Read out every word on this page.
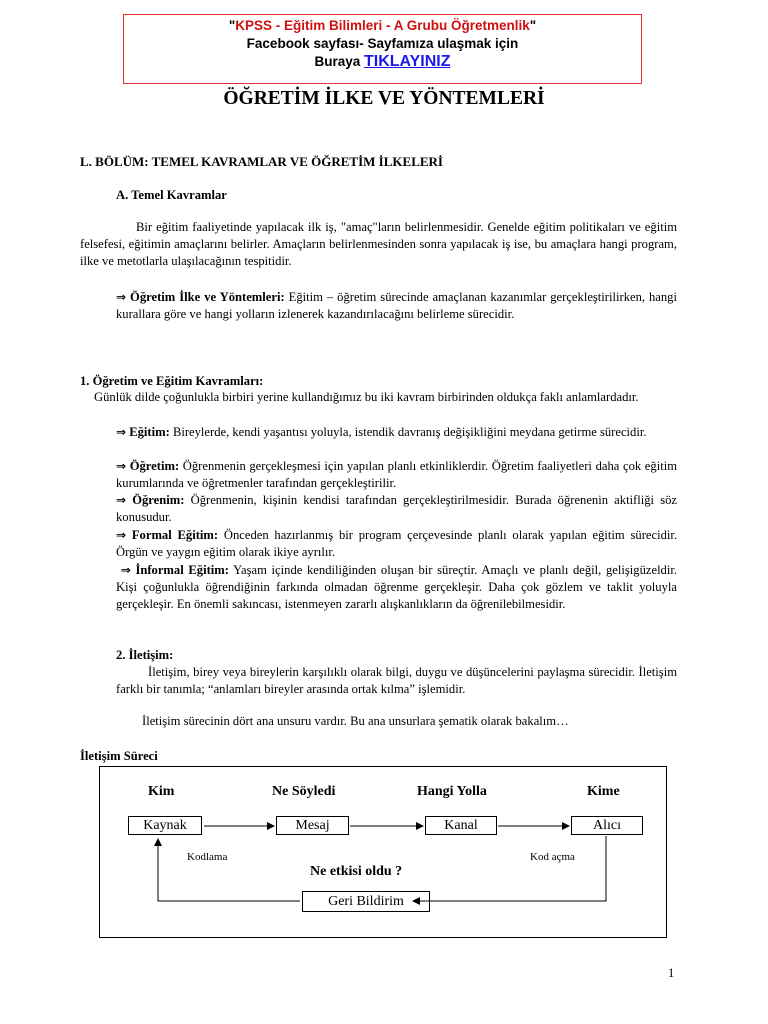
"KPSS - Eğitim Bilimleri - A Grubu Öğretmenlik"
Facebook sayfası- Sayfamıza ulaşmak için
Buraya TIKLAYINIZ
ÖĞRETİM İLKE VE YÖNTEMLERİ
L. BÖLÜM: TEMEL KAVRAMLAR VE ÖĞRETİM İLKELERİ
A. Temel Kavramlar
Bir eğitim faaliyetinde yapılacak ilk iş, "amaç"ların belirlenmesidir. Genelde eğitim politikaları ve eğitim felsefesi, eğitimin amaçlarını belirler. Amaçların belirlenmesinden sonra yapılacak iş ise, bu amaçlara hangi program, ilke ve metotlarla ulaşılacağının tespitidir.
⇒ Öğretim İlke ve Yöntemleri: Eğitim – öğretim sürecinde amaçlanan kazanımlar gerçekleştirilirken, hangi kurallara göre ve hangi yolların izlenerek kazandırılacağını belirleme sürecidir.
1. Öğretim ve Eğitim Kavramları:
Günlük dilde çoğunlukla birbiri yerine kullandığımız bu iki kavram birbirinden oldukça faklı anlamlardadır.
⇒ Eğitim: Bireylerde, kendi yaşantısı yoluyla, istendik davranış değişikliğini meydana getirme sürecidir.
⇒ Öğretim: Öğrenmenin gerçekleşmesi için yapılan planlı etkinliklerdir. Öğretim faaliyetleri daha çok eğitim kurumlarında ve öğretmenler tarafından gerçekleştirilir.
⇒ Öğrenim: Öğrenmenin, kişinin kendisi tarafından gerçekleştirilmesidir. Burada öğrenenin aktifliği söz konusudur.
⇒ Formal Eğitim: Önceden hazırlanmış bir program çerçevesinde planlı olarak yapılan eğitim sürecidir. Örgün ve yaygın eğitim olarak ikiye ayrılır.
⇒ İnformal Eğitim: Yaşam içinde kendiliğinden oluşan bir süreçtir. Amaçlı ve planlı değil, gelişigüzeldir. Kişi çoğunlukla öğrendiğinin farkında olmadan öğrenme gerçekleşir. Daha çok gözlem ve taklit yoluyla gerçekleşir. En önemli sakıncası, istenmeyen zararlı alışkanlıkların da öğrenilebilmesidir.
2. İletişim:
İletişim, birey veya bireylerin karşılıklı olarak bilgi, duygu ve düşüncelerini paylaşma sürecidir. İletişim farklı bir tanımla; “anlamları bireyler arasında ortak kılma” işlemidir.
İletişim sürecinin dört ana unsuru vardır. Bu ana unsurlara şematik olarak bakalım…
İletişim Süreci
Kim	Ne Söyledi	Hangi Yolla	Kime
Kaynak	Mesaj	Kanal	Alıcı
Kodlama	Kod açma
Ne etkisi oldu ?
Geri Bildirim
1
